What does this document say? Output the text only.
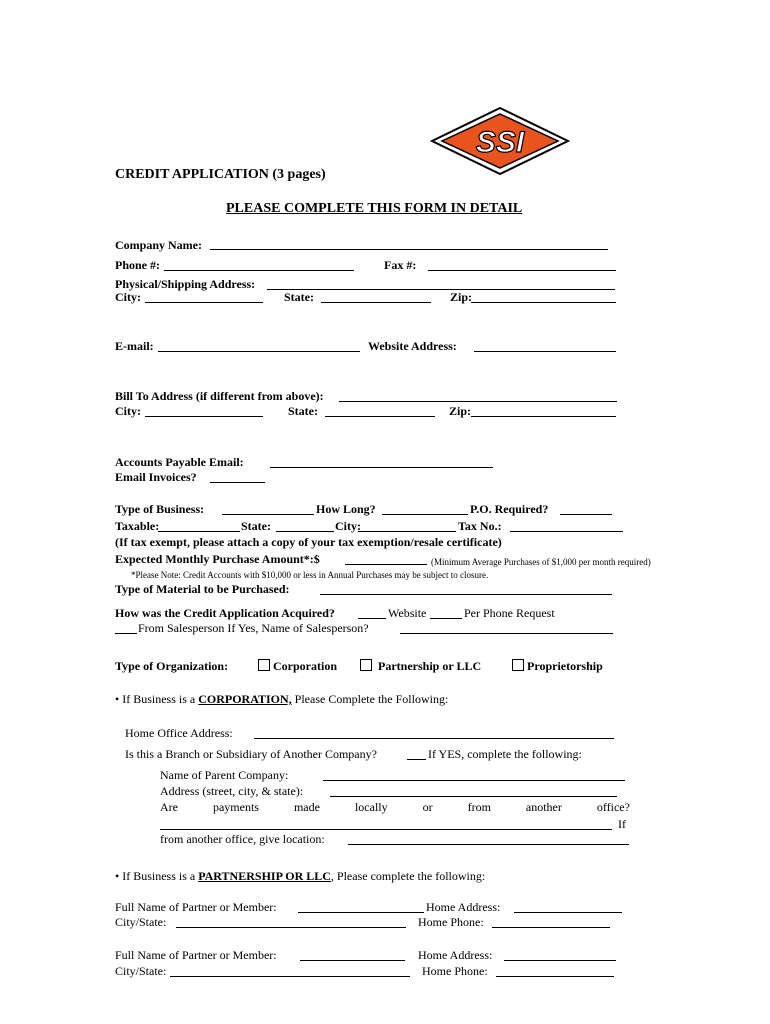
SSI
CREDIT APPLICATION (3 pages)
PLEASE COMPLETE THIS FORM IN DETAIL
Company Name:
Phone #:	Fax #:
Physical/Shipping Address:
City:	State:	Zip:
E-mail:	Website Address:
Bill To Address (if different from above):
City:	State:	Zip:
Accounts Payable Email:
Email Invoices?
Type of Business:	How Long?	P.O. Required?
Taxable:	State:	City:	Tax No.:
(If tax exempt, please attach a copy of your tax exemption/resale certificate)
Expected Monthly Purchase Amount*:$	(Minimum Average Purchases of $1,000 per month required)
*Please Note: Credit Accounts with $10,000 or less in Annual Purchases may be subject to closure.
Type of Material to be Purchased:
How was the Credit Application Acquired?	Website	Per Phone Request
From Salesperson If Yes, Name of Salesperson?
Type of Organization:	Corporation	Partnership or LLC	Proprietorship
• If Business is a CORPORATION, Please Complete the Following:
Home Office Address:
Is this a Branch or Subsidiary of Another Company?	If YES, complete the following:
Name of Parent Company:
Address (street, city, & state):
Are	payments	made	locally	or	from	another	office?
If
from another office, give location:
• If Business is a PARTNERSHIP OR LLC, Please complete the following:
Full Name of Partner or Member:	Home Address:
City/State:	Home Phone:
Full Name of Partner or Member:	Home Address:
City/State:	Home Phone:
